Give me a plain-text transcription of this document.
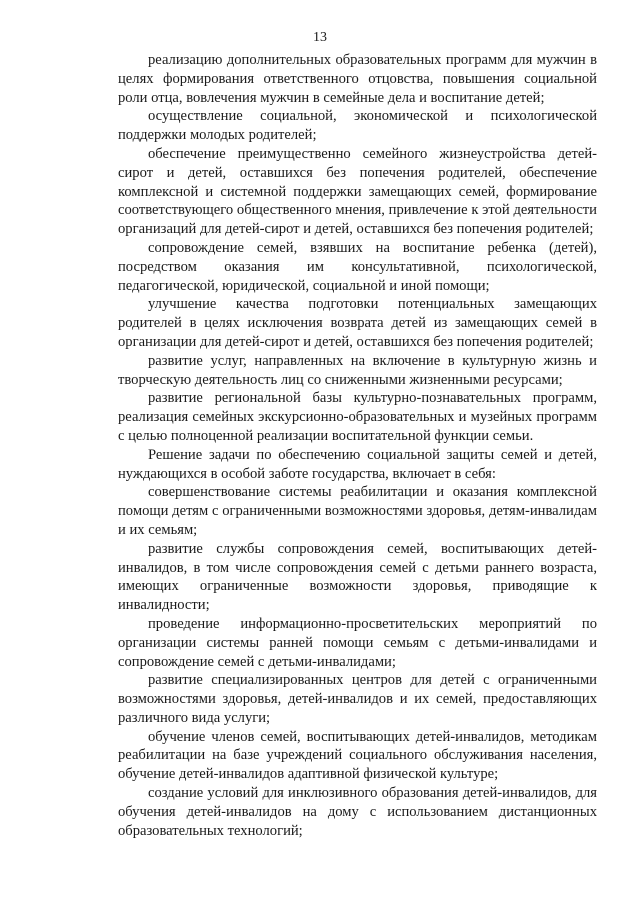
13

реализацию дополнительных образовательных программ для мужчин в целях формирования ответственного отцовства, повышения социальной роли отца, вовлечения мужчин в семейные дела и воспитание детей;

осуществление социальной, экономической и психологической поддержки молодых родителей;

обеспечение преимущественно семейного жизнеустройства детей-сирот и детей, оставшихся без попечения родителей, обеспечение комплексной и системной поддержки замещающих семей, формирование соответствующего общественного мнения, привлечение к этой деятельности организаций для детей-сирот и детей, оставшихся без попечения родителей;

сопровождение семей, взявших на воспитание ребенка (детей), посредством оказания им консультативной, психологической, педагогической, юридической, социальной и иной помощи;

улучшение качества подготовки потенциальных замещающих родителей в целях исключения возврата детей из замещающих семей в организации для детей-сирот и детей, оставшихся без попечения родителей;

развитие услуг, направленных на включение в культурную жизнь и творческую деятельность лиц со сниженными жизненными ресурсами;

развитие региональной базы культурно-познавательных программ, реализация семейных экскурсионно-образовательных и музейных программ с целью полноценной реализации воспитательной функции семьи.

Решение задачи по обеспечению социальной защиты семей и детей, нуждающихся в особой заботе государства, включает в себя:

совершенствование системы реабилитации и оказания комплексной помощи детям с ограниченными возможностями здоровья, детям-инвалидам и их семьям;

развитие службы сопровождения семей, воспитывающих детей-инвалидов, в том числе сопровождения семей с детьми раннего возраста, имеющих ограниченные возможности здоровья, приводящие к инвалидности;

проведение информационно-просветительских мероприятий по организации системы ранней помощи семьям с детьми-инвалидами и сопровождение семей с детьми-инвалидами;

развитие специализированных центров для детей с ограниченными возможностями здоровья, детей-инвалидов и их семей, предоставляющих различного вида услуги;

обучение членов семей, воспитывающих детей-инвалидов, методикам реабилитации на базе учреждений социального обслуживания населения, обучение детей-инвалидов адаптивной физической культуре;

создание условий для инклюзивного образования детей-инвалидов, для обучения детей-инвалидов на дому с использованием дистанционных образовательных технологий;
